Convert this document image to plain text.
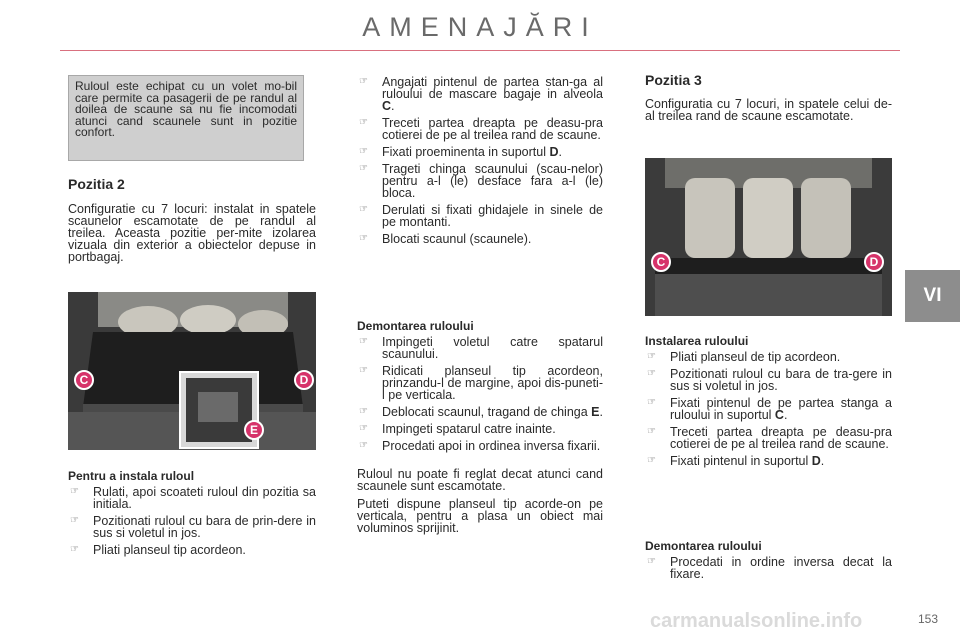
AMENAJĂRI
VI
Ruloul este echipat cu un volet mo-bil care permite ca pasagerii de pe randul al doilea de scaune sa nu fie incomodati atunci cand scaunele sunt in pozitie confort.
Pozitia 2

Configuratie cu 7 locuri: instalat in spatele scaunelor escamotate de pe randul al treilea. Aceasta pozitie per-mite izolarea vizuala din exterior a obiectelor depuse in portbagaj.

C	D
E
Pentru a instala ruloul
☞ Rulati, apoi scoateti ruloul din pozitia sa initiala.
☞ Pozitionati ruloul cu bara de prin-dere in sus si voletul in jos.
☞ Pliati planseul tip acordeon.
☞ Angajati pintenul de partea stan-ga al ruloului de mascare bagaje in alveola C.
☞ Treceti partea dreapta pe deasu-pra cotierei de pe al treilea rand de scaune.
☞ Fixati proeminenta in suportul D.
☞ Trageti chinga scaunului (scau-nelor) pentru a-l (le) desface fara a-l (le) bloca.
☞ Derulati si fixati ghidajele in sinele de pe montanti.
☞ Blocati scaunul (scaunele).
Demontarea ruloului
☞ Impingeti voletul catre spatarul scaunului.
☞ Ridicati planseul tip acordeon, prinzandu-l de margine, apoi dis-puneti-l pe verticala.
☞ Deblocati scaunul, tragand de chinga E.
☞ Impingeti spatarul catre inainte.
☞ Procedati apoi in ordinea inversa fixarii.

Ruloul nu poate fi reglat decat atunci cand scaunele sunt escamotate.

Puteti dispune planseul tip acorde-on pe verticala, pentru a plasa un obiect mai voluminos sprijinit.

Pozitia 3

Configuratia cu 7 locuri, in spatele celui de-al treilea rand de scaune escamotate.

C	D
Instalarea ruloului
☞ Pliati planseul de tip acordeon.
☞ Pozitionati ruloul cu bara de tra-gere in sus si voletul in jos.
☞ Fixati pintenul de pe partea stanga a ruloului in suportul C.
☞ Treceti partea dreapta pe deasu-pra cotierei de pe al treilea rand de scaune.
☞ Fixati pintenul in suportul D.
Demontarea ruloului
☞ Procedati in ordine inversa decat la fixare.
carmanualsonline.info	153
